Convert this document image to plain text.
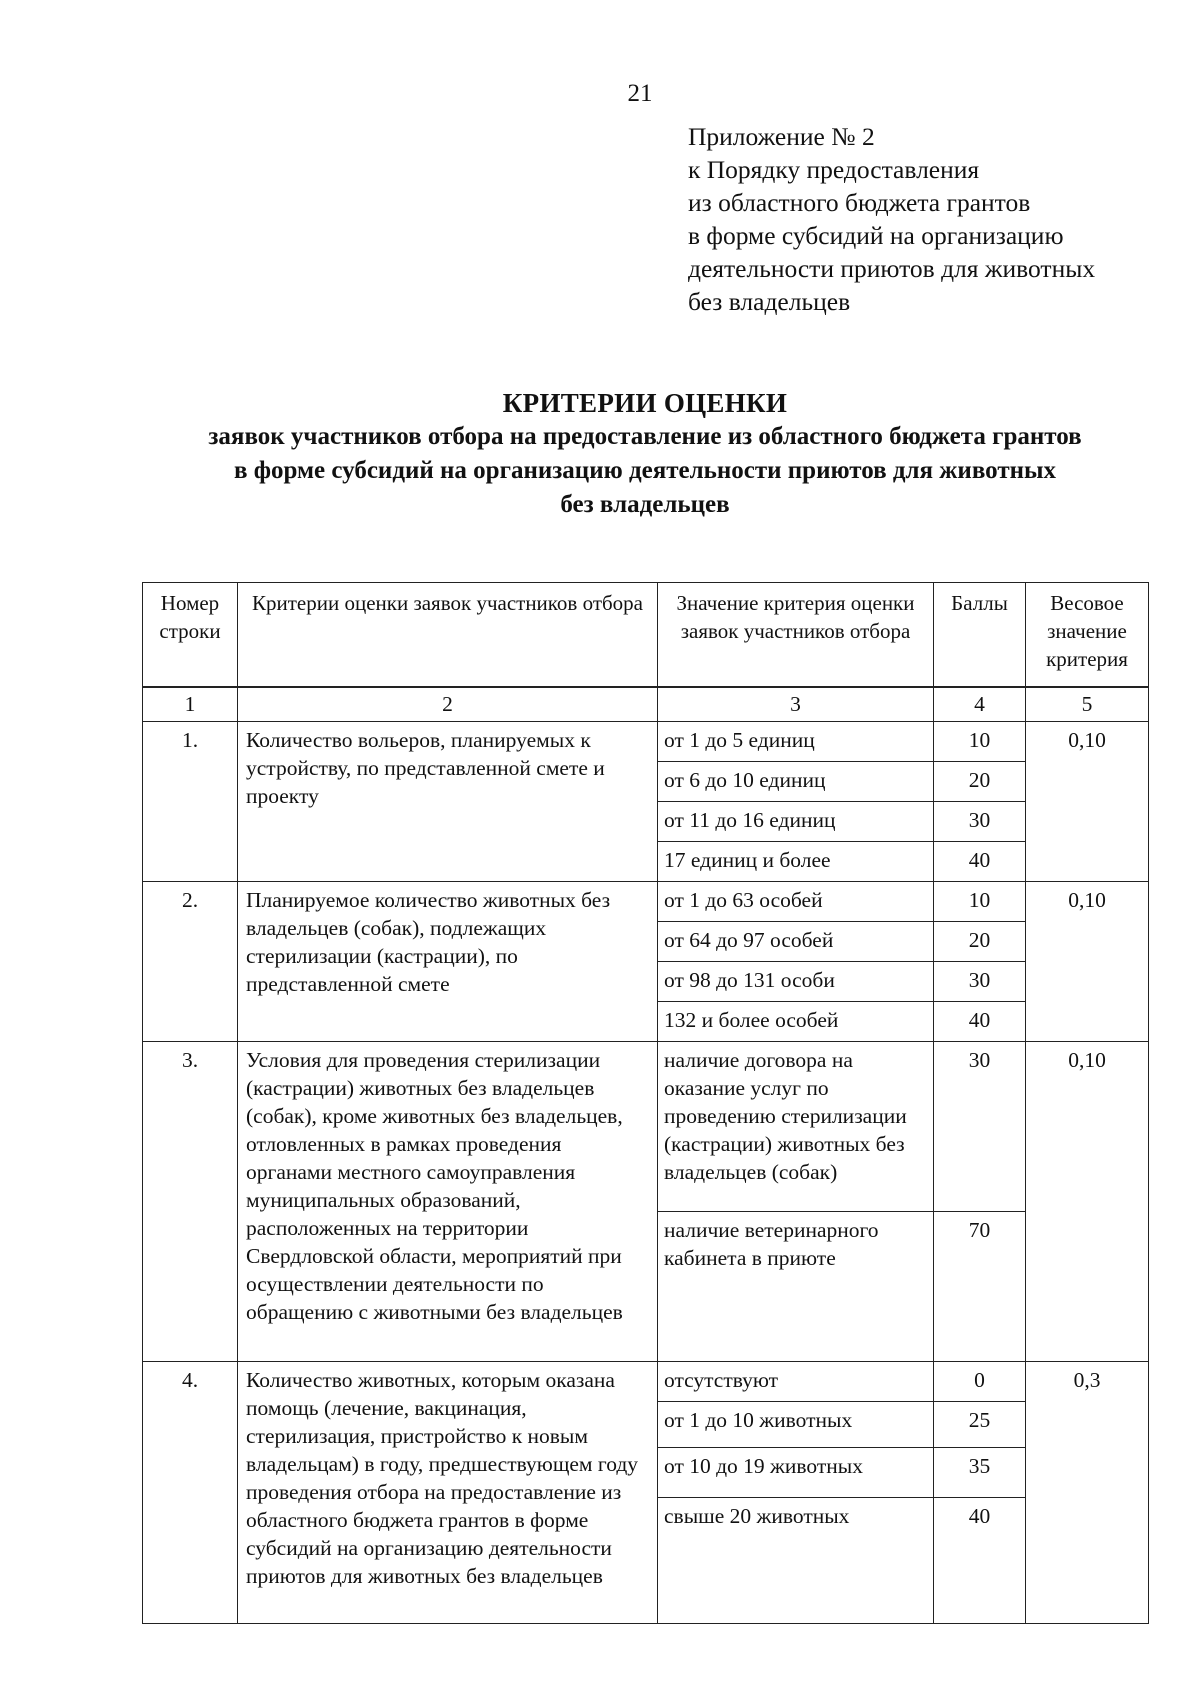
21
Приложение № 2
к Порядку предоставления
из областного бюджета грантов
в форме субсидий на организацию
деятельности приютов для животных
без владельцев
КРИТЕРИИ ОЦЕНКИ
заявок участников отбора на предоставление из областного бюджета грантов
в форме субсидий на организацию деятельности приютов для животных
без владельцев
Номер строки	Критерии оценки заявок участников отбора	Значение критерия оценки заявок участников отбора	Баллы	Весовое значение критерия
1	2	3	4	5
1.	Количество вольеров, планируемых к устройству, по представленной смете и проекту	от 1 до 5 единиц	10	0,10
		от 6 до 10 единиц	20	
		от 11 до 16 единиц	30	
		17 единиц и более	40	
2.	Планируемое количество животных без владельцев (собак), подлежащих стерилизации (кастрации), по представленной смете	от 1 до 63 особей	10	0,10
		от 64 до 97 особей	20	
		от 98 до 131 особи	30	
		132 и более особей	40	
3.	Условия для проведения стерилизации (кастрации) животных без владельцев (собак), кроме животных без владельцев, отловленных в рамках проведения органами местного самоуправления муниципальных образований, расположенных на территории Свердловской области, мероприятий при осуществлении деятельности по обращению с животными без владельцев	наличие договора на оказание услуг по проведению стерилизации (кастрации) животных без владельцев (собак)	30	0,10
		наличие ветеринарного кабинета в приюте	70	
4.	Количество животных, которым оказана помощь (лечение, вакцинация, стерилизация, пристройство к новым владельцам) в году, предшествующем году проведения отбора на предоставление из областного бюджета грантов в форме субсидий на организацию деятельности приютов для животных без владельцев	отсутствуют	0	0,3
		от 1 до 10 животных	25	
		от 10 до 19 животных	35	
		свыше 20 животных	40	
